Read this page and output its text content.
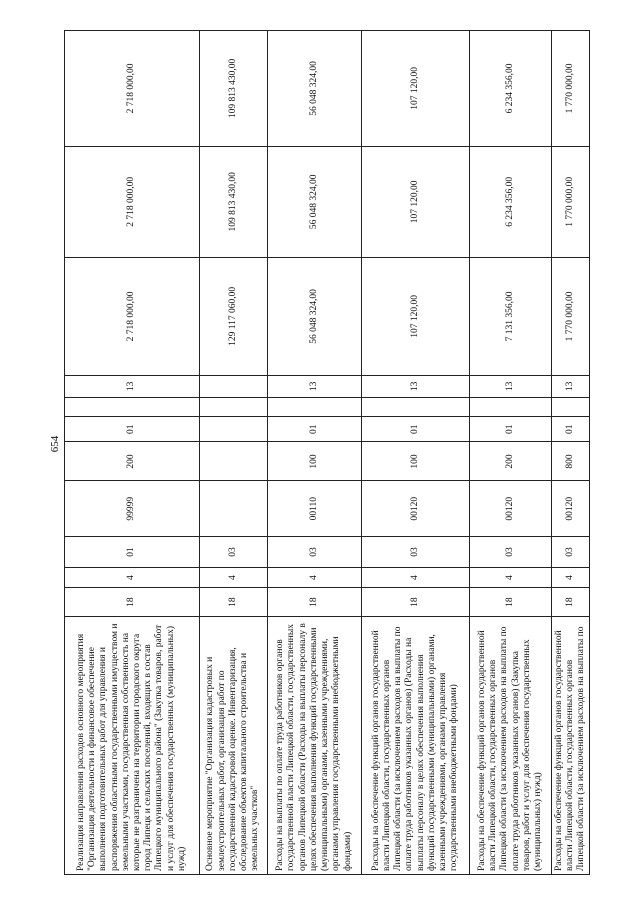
654
Реализация направления расходов основного мероприятия "Организация деятельности и финансовое обеспечение выполнения подготовительных работ для управления и распоряжения областными государственными имуществом и земельными участками, государственная собственность на которые не разграничена на территории городского округа город Липецк и сельских поселений, входящих в состав Липецкого муниципального района" (Закупка товаров, работ и услуг для обеспечения государственных (муниципальных) нужд)	18	4	01	99999	200	01		13	2 718 000,00	2 718 000,00	2 718 000,00
Основное мероприятие "Организация кадастровых и землеустроительных работ, организация работ по государственной кадастровой оценке. Инвентаризация, обследование объектов капитального строительства и земельных участков"	18	4	03						129 117 060,00	109 813 430,00	109 813 430,00
Расходы на выплаты по оплате труда работников органов государственной власти Липецкой области, государственных органов Липецкой области (Расходы на выплаты персоналу в целях обеспечения выполнения функций государственными (муниципальными) органами, казенными учреждениями, органами управления государственными внебюджетными фондами)	18	4	03	00110	100	01		13	56 048 324,00	56 048 324,00	56 048 324,00
Расходы на обеспечение функций органов государственной власти Липецкой области, государственных органов Липецкой области (за исключением расходов на выплаты по оплате труда работников указанных органов) (Расходы на выплаты персоналу в целях обеспечения выполнения функций государственными (муниципальными) органами, казенными учреждениями, органами управления государственными внебюджетными фондами)	18	4	03	00120	100	01		13	107 120,00	107 120,00	107 120,00
Расходы на обеспечение функций органов государственной власти Липецкой области, государственных органов Липецкой области (за исключением расходов на выплаты по оплате труда работников указанных органов) (Закупка товаров, работ и услуг для обеспечения государственных (муниципальных) нужд)	18	4	03	00120	200	01		13	7 131 356,00	6 234 356,00	6 234 356,00
Расходы на обеспечение функций органов государственной власти Липецкой области, государственных органов Липецкой области (за исключением расходов на выплаты по	18	4	03	00120	800	01		13	1 770 000,00	1 770 000,00	1 770 000,00
